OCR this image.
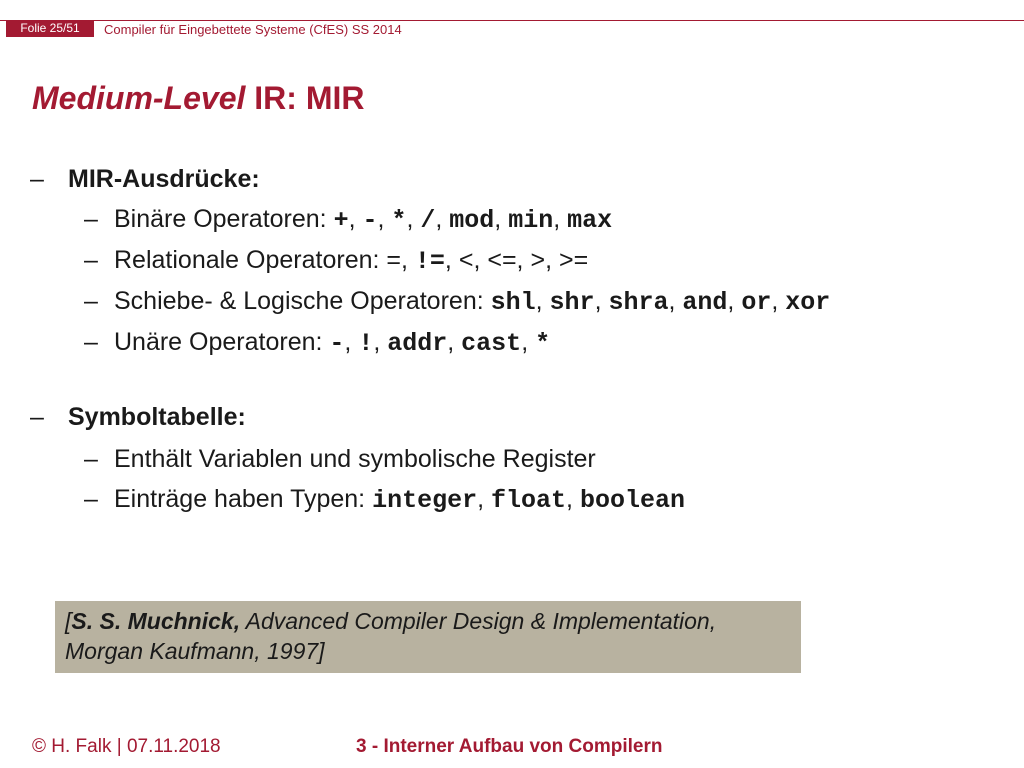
Folie 25/51	Compiler für Eingebettete Systeme (CfES) SS 2014
Medium-Level IR: MIR
– MIR-Ausdrücke:
– Binäre Operatoren: +, -, *, /, mod, min, max
– Relationale Operatoren: =, !=, <, <=, >, >=
– Schiebe- & Logische Operatoren: shl, shr, shra, and, or, xor
– Unäre Operatoren: -, !, addr, cast, *
– Symboltabelle:
– Enthält Variablen und symbolische Register
– Einträge haben Typen: integer, float, boolean
[S. S. Muchnick, Advanced Compiler Design & Implementation,
Morgan Kaufmann, 1997]
© H. Falk | 07.11.2018	3 - Interner Aufbau von Compilern
